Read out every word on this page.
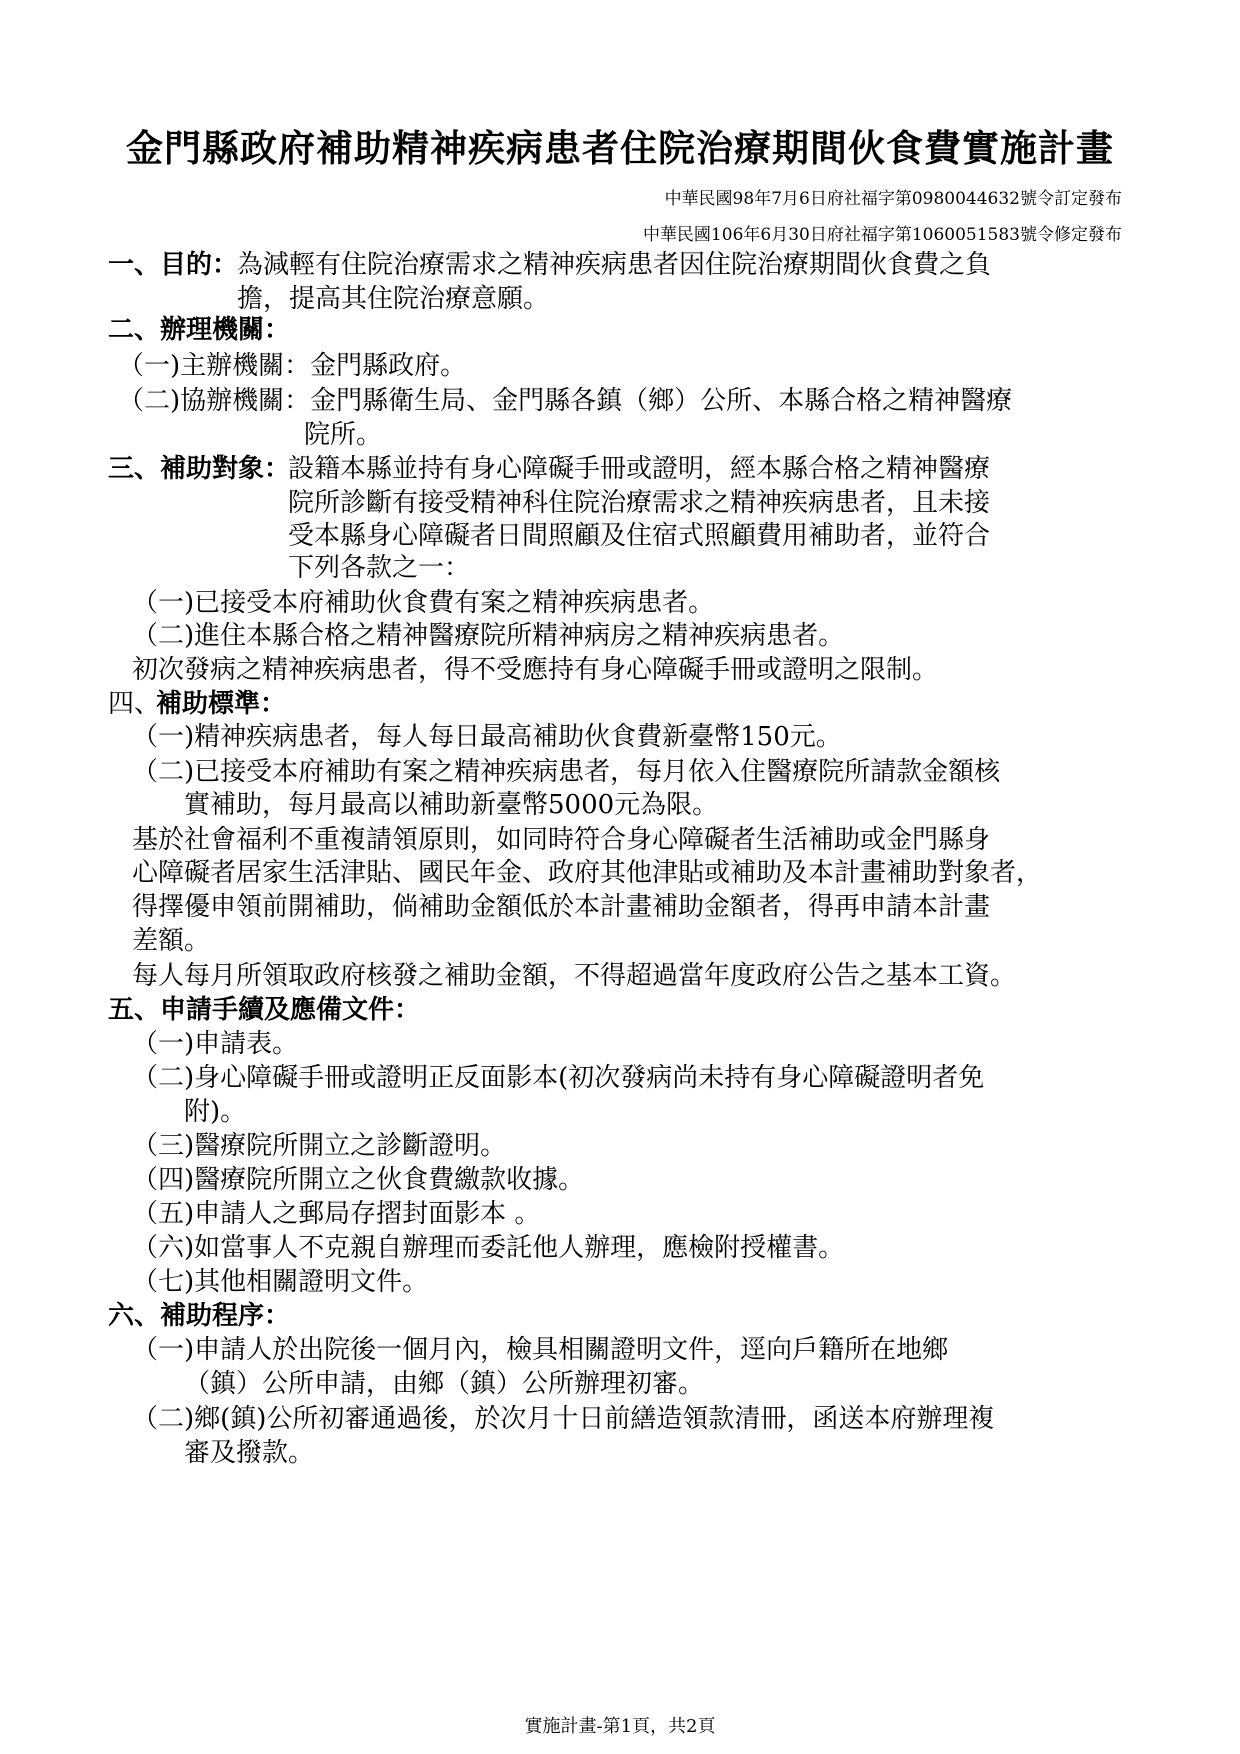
金門縣政府補助精神疾病患者住院治療期間伙食費實施計畫
中華民國98年7月6日府社福字第0980044632號令訂定發布
中華民國106年6月30日府社福字第1060051583號令修定發布
一、目的：
為減輕有住院治療需求之精神疾病患者因住院治療期間伙食費之負
擔，提高其住院治療意願。
二、辦理機關：
（一)主辦機關：金門縣政府。
（二)協辦機關：金門縣衛生局、金門縣各鎮（鄉）公所、本縣合格之精神醫療
院所。
三、補助對象：
設籍本縣並持有身心障礙手冊或證明，經本縣合格之精神醫療
院所診斷有接受精神科住院治療需求之精神疾病患者，且未接
受本縣身心障礙者日間照顧及住宿式照顧費用補助者，並符合
下列各款之一：
（一)已接受本府補助伙食費有案之精神疾病患者。
（二)進住本縣合格之精神醫療院所精神病房之精神疾病患者。
初次發病之精神疾病患者，得不受應持有身心障礙手冊或證明之限制。
四、
補助標準：
（一)精神疾病患者，每人每日最高補助伙食費新臺幣150元。
（二)已接受本府補助有案之精神疾病患者，每月依入住醫療院所請款金額核
實補助，每月最高以補助新臺幣5000元為限。
基於社會福利不重複請領原則，如同時符合身心障礙者生活補助或金門縣身
心障礙者居家生活津貼、國民年金、政府其他津貼或補助及本計畫補助對象者，
得擇優申領前開補助，倘補助金額低於本計畫補助金額者，得再申請本計畫
差額。
每人每月所領取政府核發之補助金額，不得超過當年度政府公告之基本工資。
五、申請手續及應備文件：
（一)申請表。
（二)身心障礙手冊或證明正反面影本(初次發病尚未持有身心障礙證明者免
附)。
（三)醫療院所開立之診斷證明。
（四)醫療院所開立之伙食費繳款收據。
（五)申請人之郵局存摺封面影本 。
（六)如當事人不克親自辦理而委託他人辦理，應檢附授權書。
（七)其他相關證明文件。
六、補助程序：
（一)申請人於出院後一個月內，檢具相關證明文件，逕向戶籍所在地鄉
（鎮）公所申請，由鄉（鎮）公所辦理初審。
（二)鄉(鎮)公所初審通過後，於次月十日前繕造領款清冊，函送本府辦理複
審及撥款。
實施計畫-第1頁，共2頁
